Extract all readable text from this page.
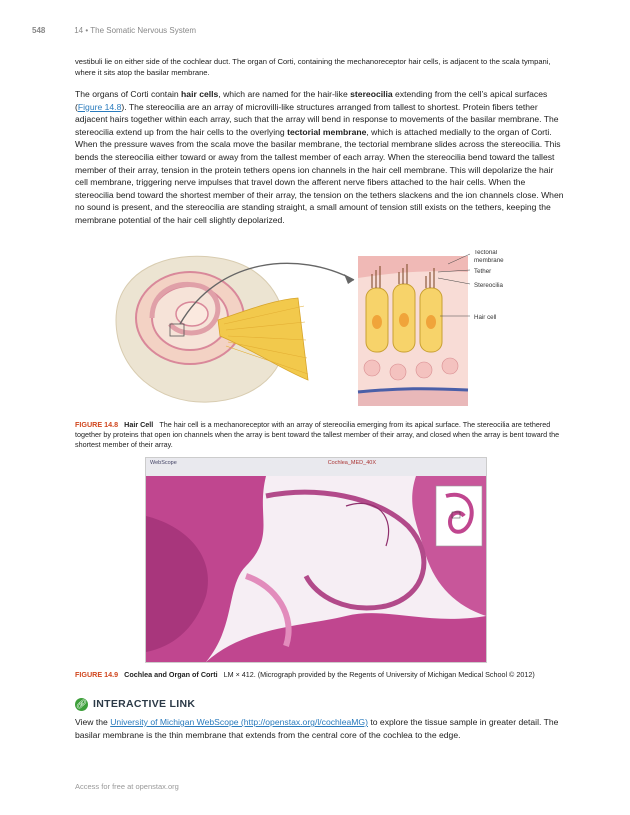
548	14 • The Somatic Nervous System

vestibuli lie on either side of the cochlear duct. The organ of Corti, containing the mechanoreceptor hair cells, is adjacent to the scala tympani, where it sits atop the basilar membrane.

The organs of Corti contain hair cells, which are named for the hair-like stereocilia extending from the cell’s apical surfaces (Figure 14.8). The stereocilia are an array of microvilli-like structures arranged from tallest to shortest. Protein fibers tether adjacent hairs together within each array, such that the array will bend in response to movements of the basilar membrane. The stereocilia extend up from the hair cells to the overlying tectorial membrane, which is attached medially to the organ of Corti. When the pressure waves from the scala move the basilar membrane, the tectorial membrane slides across the stereocilia. This bends the stereocilia either toward or away from the tallest member of each array. When the stereocilia bend toward the tallest member of their array, tension in the protein tethers opens ion channels in the hair cell membrane. This will depolarize the hair cell membrane, triggering nerve impulses that travel down the afferent nerve fibers attached to the hair cells. When the stereocilia bend toward the shortest member of their array, the tension on the tethers slackens and the ion channels close. When no sound is present, and the stereocilia are standing straight, a small amount of tension still exists on the tethers, keeping the membrane potential of the hair cell slightly depolarized.

Tectorial
membrane
Tether
Stereocilia
Hair cell
FIGURE 14.8 Hair Cell The hair cell is a mechanoreceptor with an array of stereocilia emerging from its apical surface. The stereocilia are tethered together by proteins that open ion channels when the array is bent toward the tallest member of their array, and closed when the array is bent toward the shortest member of their array.
WebScope	Cochlea_MED_40X
FIGURE 14.9 Cochlea and Organ of Corti LM × 412. (Micrograph provided by the Regents of University of Michigan Medical School © 2012)
🔗︎ INTERACTIVE LINK

View the University of Michigan WebScope (http://openstax.org/l/cochleaMG) to explore the tissue sample in greater detail. The basilar membrane is the thin membrane that extends from the central core of the cochlea to the edge.

Access for free at openstax.org
